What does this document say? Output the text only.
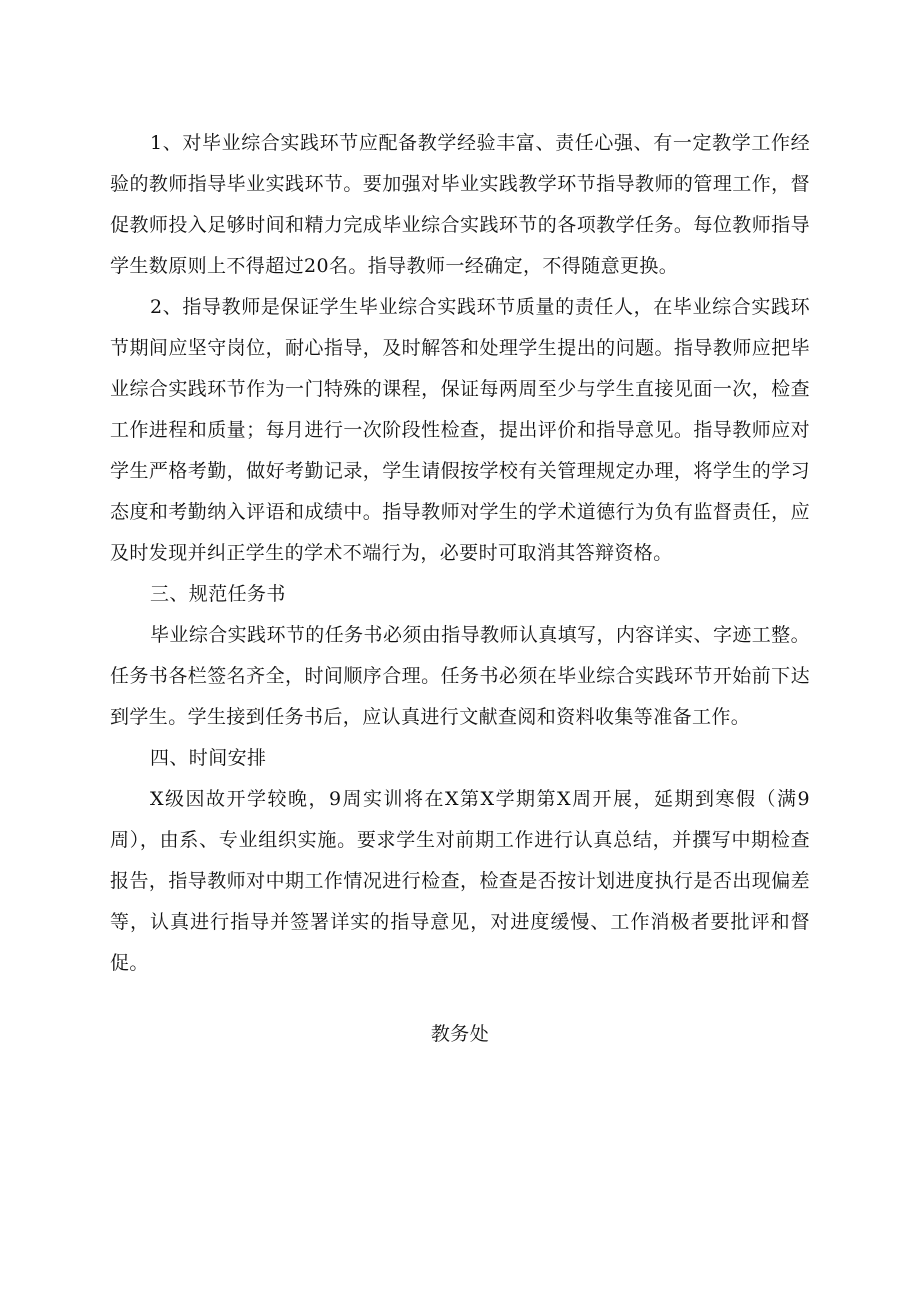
1、对毕业综合实践环节应配备教学经验丰富、责任心强、有一定教学工作经验的教师指导毕业实践环节。要加强对毕业实践教学环节指导教师的管理工作，督促教师投入足够时间和精力完成毕业综合实践环节的各项教学任务。每位教师指导学生数原则上不得超过20名。指导教师一经确定，不得随意更换。

2、指导教师是保证学生毕业综合实践环节质量的责任人，在毕业综合实践环节期间应坚守岗位，耐心指导，及时解答和处理学生提出的问题。指导教师应把毕业综合实践环节作为一门特殊的课程，保证每两周至少与学生直接见面一次，检查工作进程和质量；每月进行一次阶段性检查，提出评价和指导意见。指导教师应对学生严格考勤，做好考勤记录，学生请假按学校有关管理规定办理，将学生的学习态度和考勤纳入评语和成绩中。指导教师对学生的学术道德行为负有监督责任，应及时发现并纠正学生的学术不端行为，必要时可取消其答辩资格。

三、规范任务书

毕业综合实践环节的任务书必须由指导教师认真填写，内容详实、字迹工整。任务书各栏签名齐全，时间顺序合理。任务书必须在毕业综合实践环节开始前下达到学生。学生接到任务书后，应认真进行文献查阅和资料收集等准备工作。

四、时间安排

X级因故开学较晚，9周实训将在X第X学期第X周开展，延期到寒假（满9周），由系、专业组织实施。要求学生对前期工作进行认真总结，并撰写中期检查报告，指导教师对中期工作情况进行检查，检查是否按计划进度执行是否出现偏差等，认真进行指导并签署详实的指导意见，对进度缓慢、工作消极者要批评和督促。

教务处
